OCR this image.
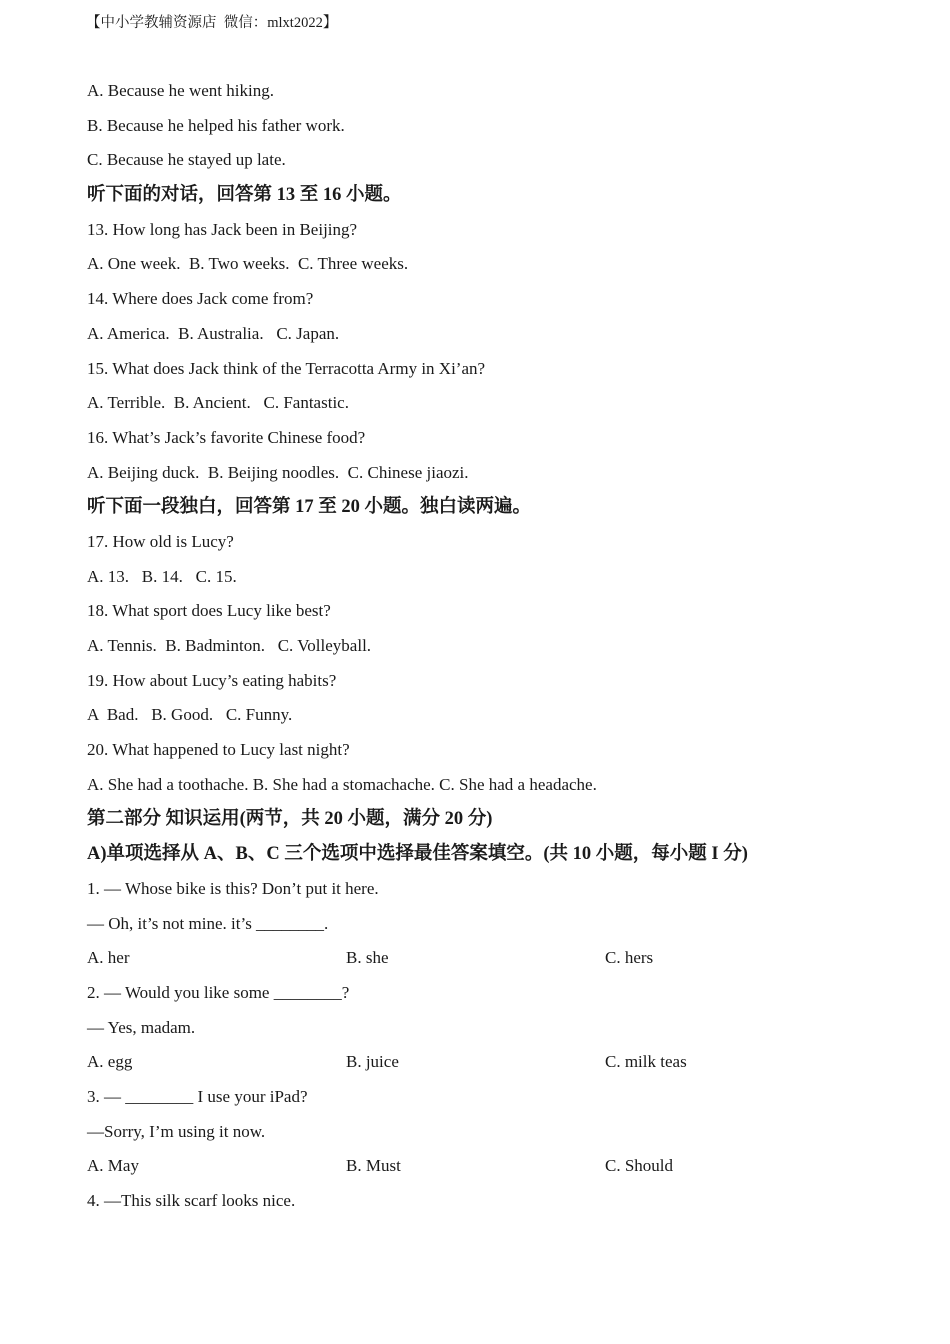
【中小学教辅资源店  微信：mlxt2022】
A. Because he went hiking.
B. Because he helped his father work.
C. Because he stayed up late.
听下面的对话，回答第 13 至 16 小题。
13. How long has Jack been in Beijing?
A. One week.  B. Two weeks.  C. Three weeks.
14. Where does Jack come from?
A. America.  B. Australia.   C. Japan.
15. What does Jack think of the Terracotta Army in Xi’an?
A. Terrible.  B. Ancient.   C. Fantastic.
16. What’s Jack’s favorite Chinese food?
A. Beijing duck.  B. Beijing noodles.  C. Chinese jiaozi.
听下面一段独白，回答第 17 至 20 小题。独白读两遍。
17. How old is Lucy?
A. 13.   B. 14.   C. 15.
18. What sport does Lucy like best?
A. Tennis.  B. Badminton.   C. Volleyball.
19. How about Lucy’s eating habits?
A  Bad.   B. Good.   C. Funny.
20. What happened to Lucy last night?
A. She had a toothache. B. She had a stomachache. C. She had a headache.
第二部分 知识运用(两节，共 20 小题，满分 20 分)
A)单项选择从 A、B、C 三个选项中选择最佳答案填空。(共 10 小题，每小题 I 分)
1. — Whose bike is this? Don’t put it here.
— Oh, it’s not mine. it’s ________.
A. her	B. she	C. hers
2. — Would you like some ________?
— Yes, madam.
A. egg	B. juice	C. milk teas
3. — ________ I use your iPad?
—Sorry, I’m using it now.
A. May	B. Must	C. Should
4. —This silk scarf looks nice.
